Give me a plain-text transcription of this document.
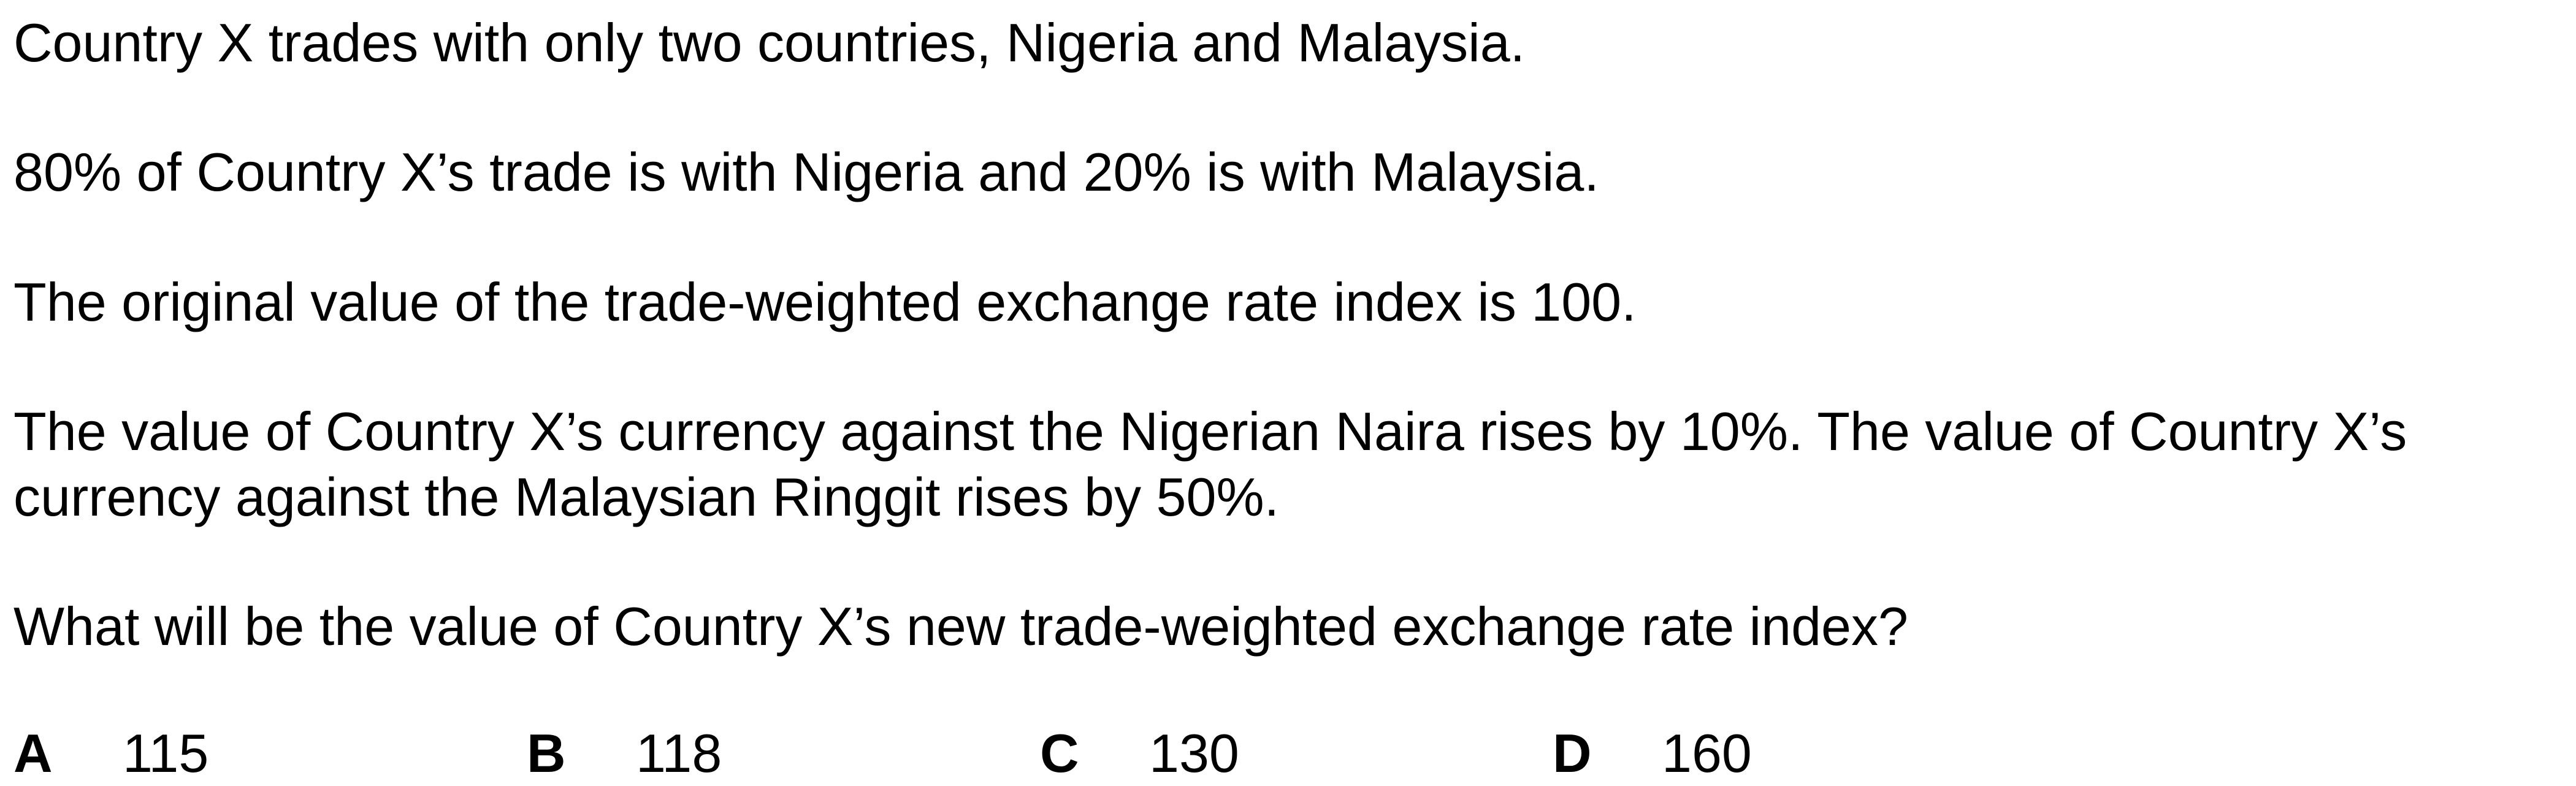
Country X trades with only two countries, Nigeria and Malaysia.

80% of Country X’s trade is with Nigeria and 20% is with Malaysia.

The original value of the trade-weighted exchange rate index is 100.

The value of Country X’s currency against the Nigerian Naira rises by 10%. The value of Country X’s currency against the Malaysian Ringgit rises by 50%.

What will be the value of Country X’s new trade-weighted exchange rate index?

A 115	B 118	C 130	D 160
